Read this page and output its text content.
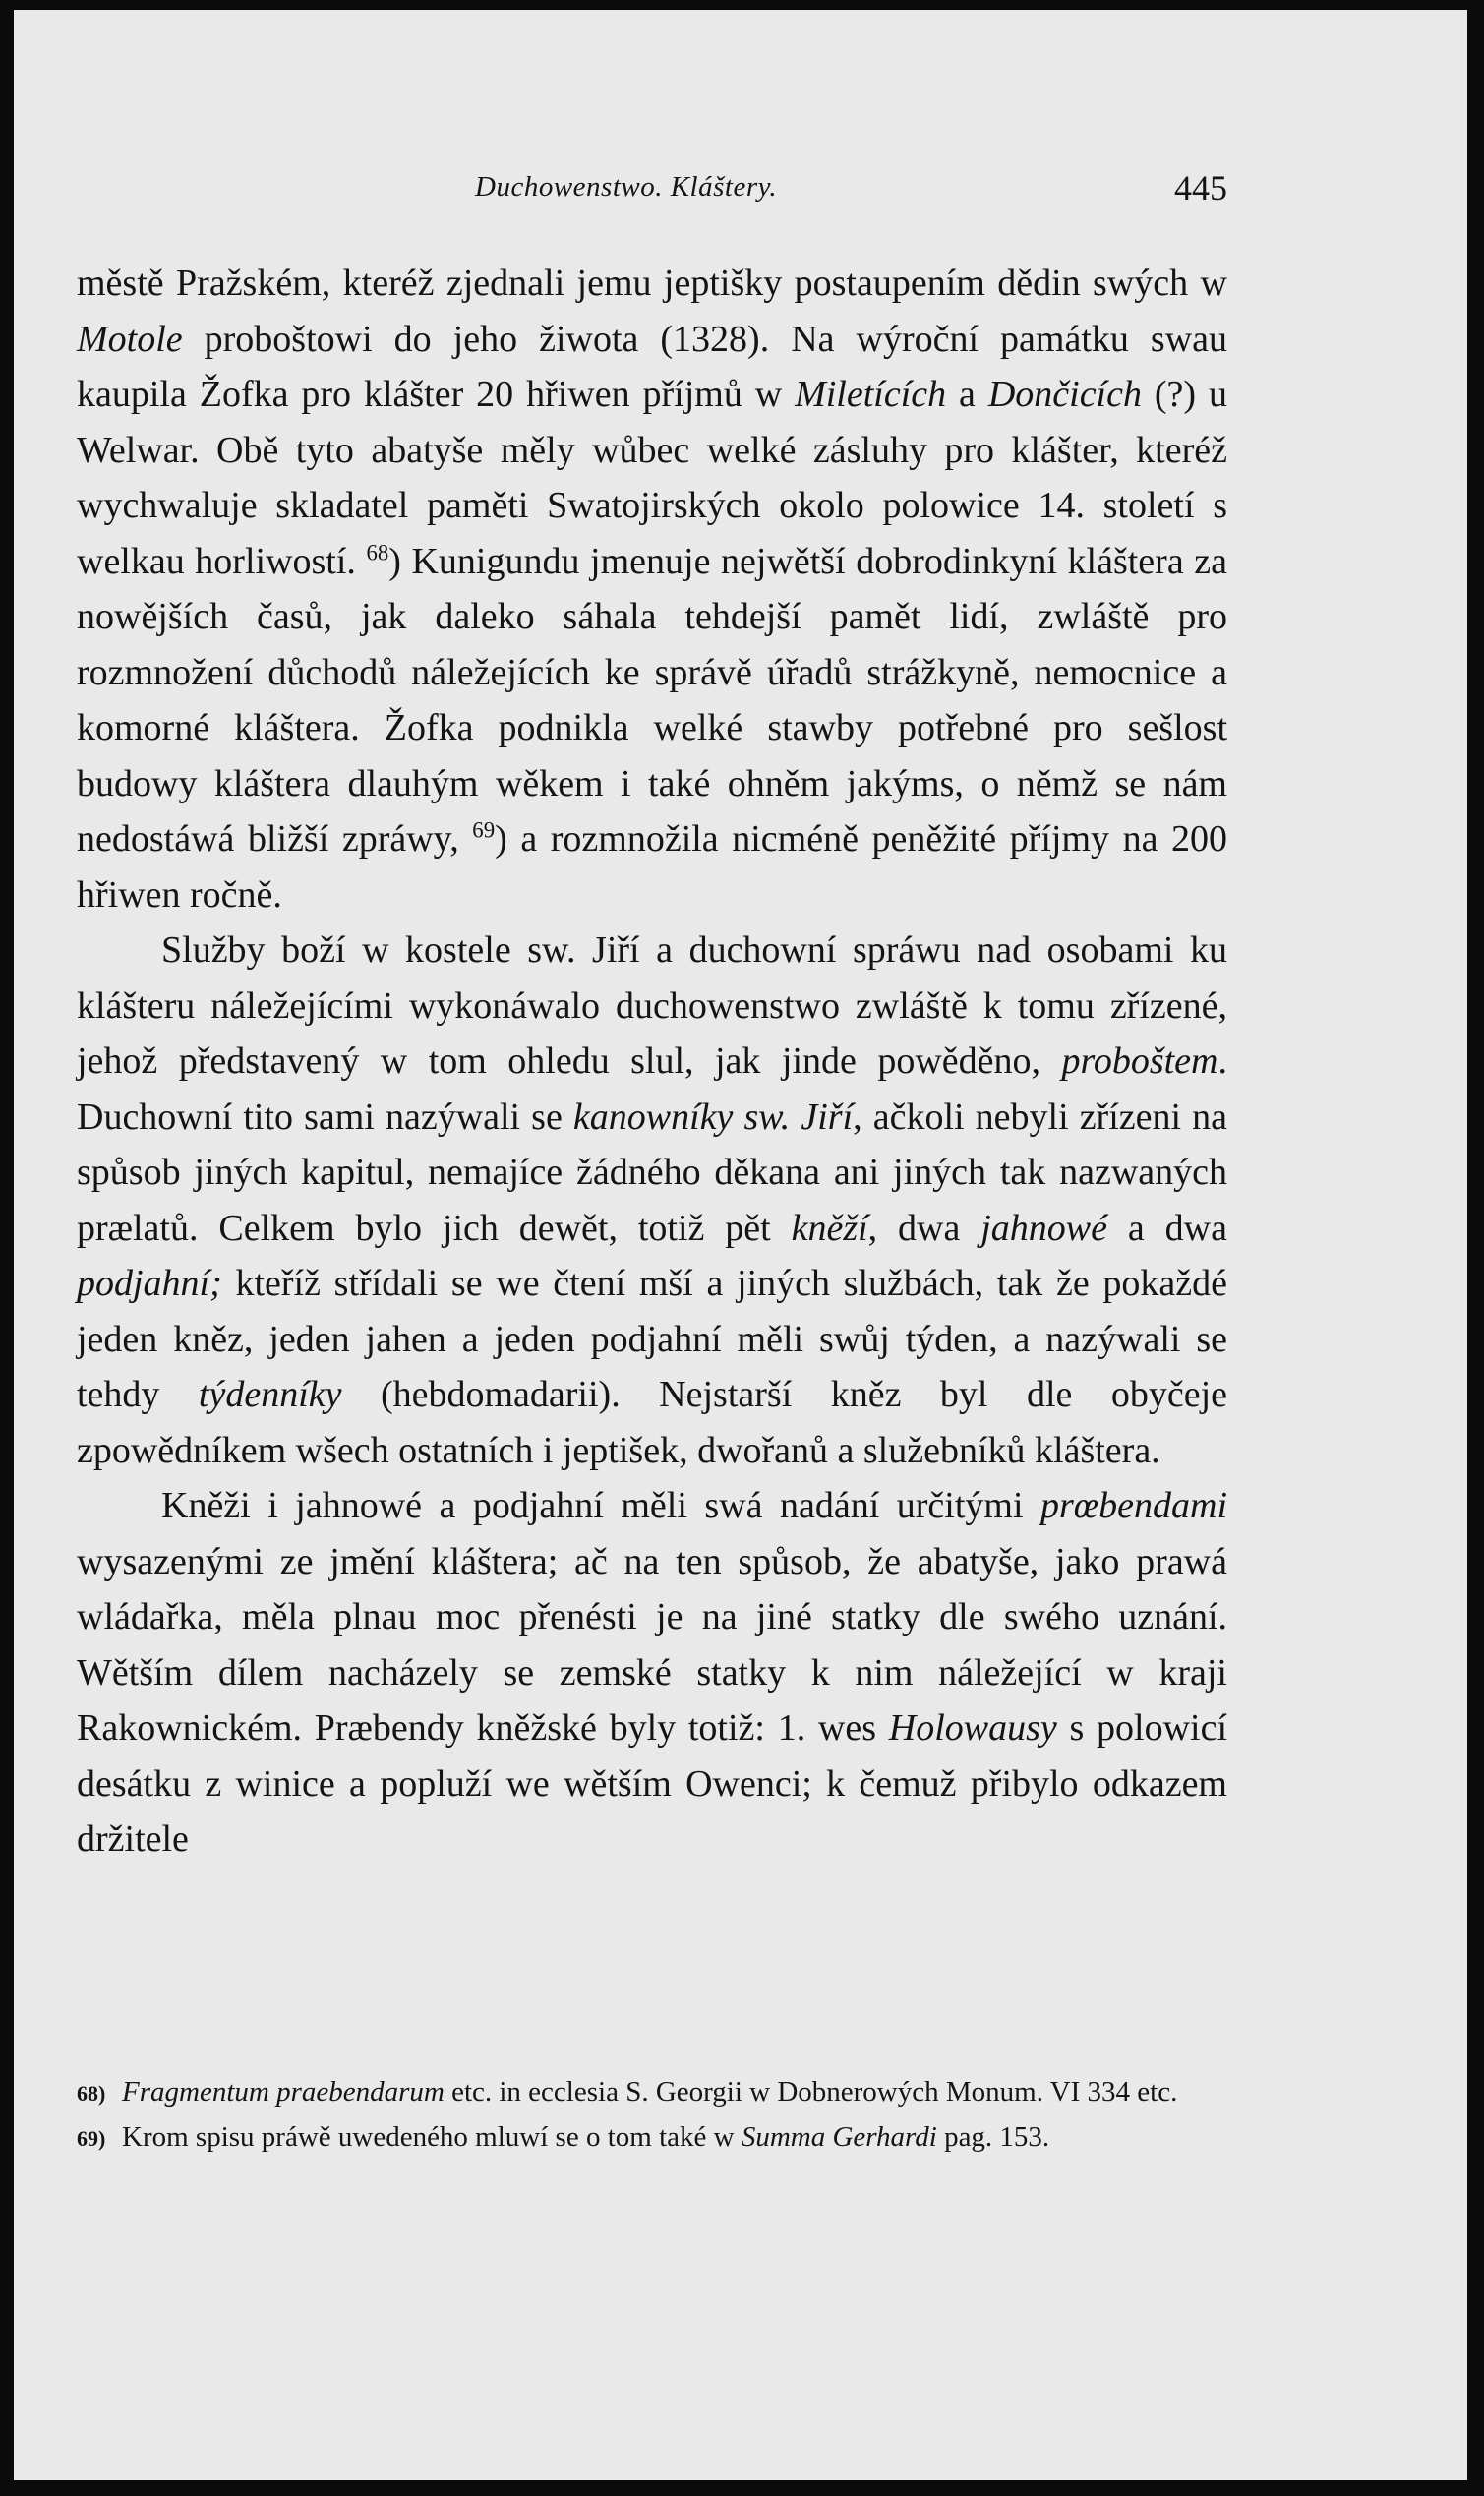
Duchowenstwo. Kláštery.	445

městě Pražském, kteréž zjednali jemu jeptišky postaupením dědin swých w Motole proboštowi do jeho žiwota (1328). Na wýroční památku swau kaupila Žofka pro klášter 20 hřiwen příjmů w Miletících a Dončicích (?) u Welwar. Obě tyto abatyše měly wůbec welké zásluhy pro klášter, kteréž wychwaluje skladatel paměti Swatojirských okolo polowice 14. století s welkau horliwostí. $^{68}$) Kunigundu jmenuje nejwětší dobrodinkyní kláštera za nowějších časů, jak daleko sáhala tehdejší pamět lidí, zwláště pro rozmnožení důchodů náležejících ke správě úřadů strážkyně, nemocnice a komorné kláštera. Žofka podnikla welké stawby potřebné pro sešlost budowy kláštera dlauhým wěkem i také ohněm jakýms, o němž se nám nedostáwá bližší zpráwy, $^{69}$) a rozmnožila nicméně peněžité příjmy na 200 hřiwen ročně.

Služby boží w kostele sw. Jiří a duchowní spráwu nad osobami ku klášteru náležejícími wykonáwalo duchowenstwo zwláště k tomu zřízené, jehož představený w tom ohledu slul, jak jinde powěděno, proboštem. Duchowní tito sami nazýwali se kanowníky sw. Jiří, ačkoli nebyli zřízeni na spůsob jiných kapitul, nemajíce žádného děkana ani jiných tak nazwaných prælatů. Celkem bylo jich dewět, totiž pět kněží, dwa jahnowé a dwa podjahní; kteříž střídali se we čtení mší a jiných službách, tak že pokaždé jeden kněz, jeden jahen a jeden podjahní měli swůj týden, a nazýwali se tehdy týdenníky (hebdomadarii). Nejstarší kněz byl dle obyčeje zpowědníkem wšech ostatních i jeptišek, dwořanů a služebníků kláštera.

Kněži i jahnowé a podjahní měli swá nadání určitými prœbendami wysazenými ze jmění kláštera; ač na ten spůsob, že abatyše, jako prawá wládařka, měla plnau moc přenésti je na jiné statky dle swého uznání. Wětším dílem nacházely se zemské statky k nim náležející w kraji Rakownickém. Præbendy kněžské byly totiž: 1. wes Holowausy s polowicí desátku z winice a popluží we wětším Owenci; k čemuž přibylo odkazem držitele

68) Fragmentum praebendarum etc. in ecclesia S. Georgii w Dobnerowých Monum. VI 334 etc.
69) Krom spisu práwě uwedeného mluwí se o tom také w Summa Gerhardi pag. 153.
